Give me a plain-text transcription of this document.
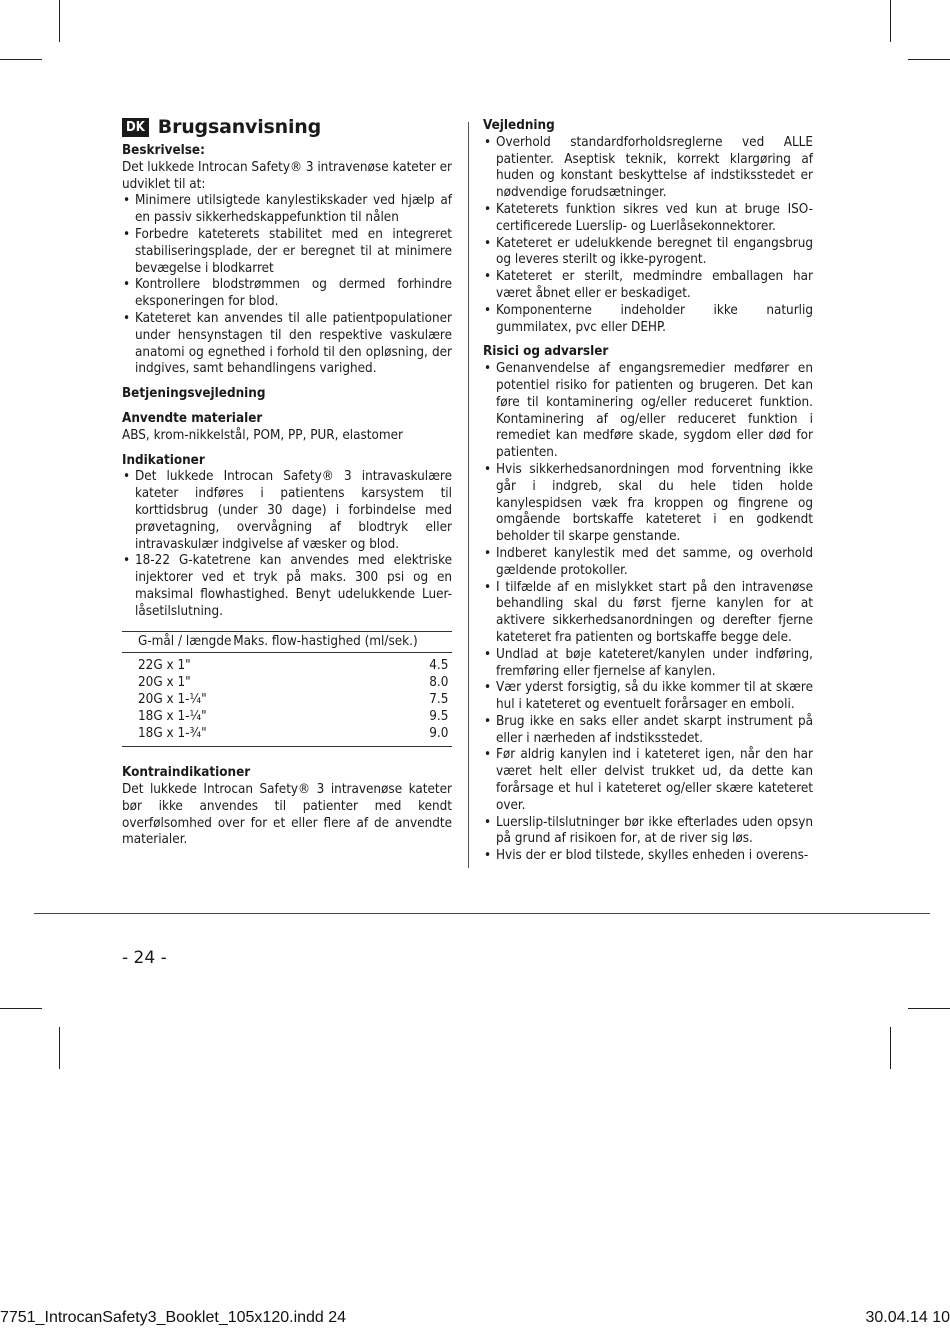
DK Brugsanvisning

Beskrivelse:

Det lukkede Introcan Safety® 3 intravenøse kateter er udviklet til at:

• Minimere utilsigtede kanylestikskader ved hjælp af en passiv sikkerhedskappefunktion til nålen
• Forbedre kateterets stabilitet med en integreret stabiliseringsplade, der er beregnet til at minimere bevægelse i blodkarret
• Kontrollere blodstrømmen og dermed forhindre eksponeringen for blod.
• Kateteret kan anvendes til alle patientpopulationer under hensynstagen til den respektive vaskulære anatomi og egnethed i forhold til den opløsning, der indgives, samt behandlingens varighed.

Betjeningsvejledning

Anvendte materialer

ABS, krom-nikkelstål, POM, PP, PUR, elastomer

Indikationer

• Det lukkede Introcan Safety® 3 intravaskulære kateter indføres i patientens karsystem til korttidsbrug (under 30 dage) i forbindelse med prøvetagning, overvågning af blodtryk eller intravaskulær indgivelse af væsker og blod.
• 18-22 G-katetrene kan anvendes med elektriske injektorer ved et tryk på maks. 300 psi og en maksimal flowhastighed. Benyt udelukkende Luer-låsetilslutning.
G-mål / længde	Maks. flow-hastighed (ml/sek.)
22G x 1"	4.5
20G x 1"	8.0
20G x 1-¼"	7.5
18G x 1-¼"	9.5
18G x 1-¾"	9.0

Kontraindikationer

Det lukkede Introcan Safety® 3 intravenøse kateter bør ikke anvendes til patienter med kendt overfølsomhed over for et eller flere af de anvendte materialer.

Vejledning

• Overhold standardforholdsreglerne ved ALLE patienter. Aseptisk teknik, korrekt klargøring af huden og konstant beskyttelse af indstiksstedet er nødvendige forudsætninger.
• Kateterets funktion sikres ved kun at bruge ISO-certificerede Luerslip- og Luerlåsekonnektorer.
• Kateteret er udelukkende beregnet til engangsbrug og leveres sterilt og ikke-pyrogent.
• Kateteret er sterilt, medmindre emballagen har været åbnet eller er beskadiget.
• Komponenterne indeholder ikke naturlig gummilatex, pvc eller DEHP.

Risici og advarsler

• Genanvendelse af engangsremedier medfører en potentiel risiko for patienten og brugeren. Det kan føre til kontaminering og/eller reduceret funktion. Kontaminering af og/eller reduceret funktion i remediet kan medføre skade, sygdom eller død for patienten.
• Hvis sikkerhedsanordningen mod forventning ikke går i indgreb, skal du hele tiden holde kanylespidsen væk fra kroppen og fingrene og omgående bortskaffe kateteret i en godkendt beholder til skarpe genstande.
• Indberet kanylestik med det samme, og overhold gældende protokoller.
• I tilfælde af en mislykket start på den intravenøse behandling skal du først fjerne kanylen for at aktivere sikkerhedsanordningen og derefter fjerne kateteret fra patienten og bortskaffe begge dele.
• Undlad at bøje kateteret/kanylen under indføring, fremføring eller fjernelse af kanylen.
• Vær yderst forsigtig, så du ikke kommer til at skære hul i kateteret og eventuelt forårsager en emboli.
• Brug ikke en saks eller andet skarpt instrument på eller i nærheden af indstiksstedet.
• Før aldrig kanylen ind i kateteret igen, når den har været helt eller delvist trukket ud, da dette kan forårsage et hul i kateteret og/eller skære kateteret over.
• Luerslip-tilslutninger bør ikke efterlades uden opsyn på grund af risikoen for, at de river sig løs.
• Hvis der er blod tilstede, skylles enheden i overens-
- 24 -
7751_IntrocanSafety3_Booklet_105x120.indd 24	30.04.14 10
